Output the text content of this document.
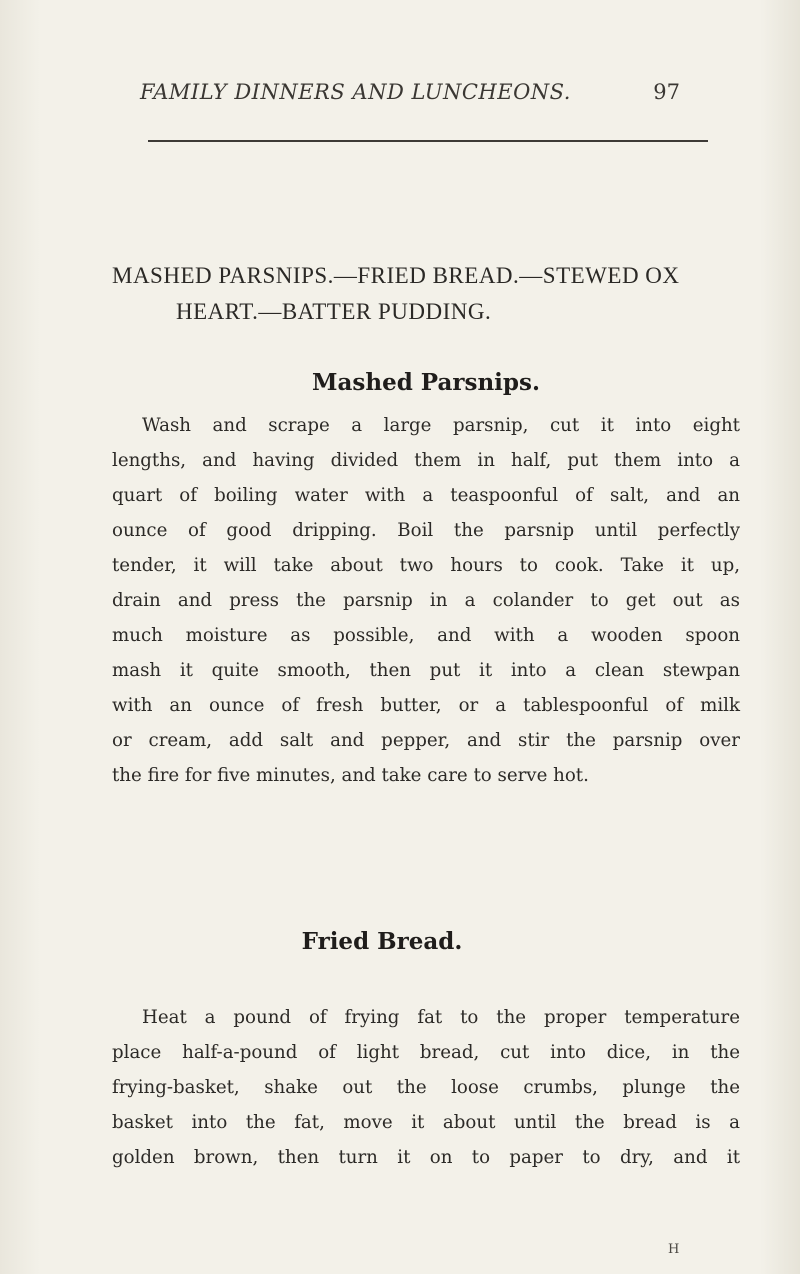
FAMILY DINNERS AND LUNCHEONS.	97
MASHED PARSNIPS.—FRIED BREAD.—STEWED OX
HEART.—BATTER PUDDING.
Mashed Parsnips.
Wash and scrape a large parsnip, cut it into eight
lengths, and having divided them in half, put them into a
quart of boiling water with a teaspoonful of salt, and an
ounce of good dripping. Boil the parsnip until perfectly
tender, it will take about two hours to cook. Take it up,
drain and press the parsnip in a colander to get out as
much moisture as possible, and with a wooden spoon
mash it quite smooth, then put it into a clean stewpan
with an ounce of fresh butter, or a tablespoonful of milk
or cream, add salt and pepper, and stir the parsnip over
the fire for five minutes, and take care to serve hot.
Fried Bread.
Heat a pound of frying fat to the proper temperature
place half-a-pound of light bread, cut into dice, in the
frying-basket, shake out the loose crumbs, plunge the
basket into the fat, move it about until the bread is a
golden brown, then turn it on to paper to dry, and it
H
